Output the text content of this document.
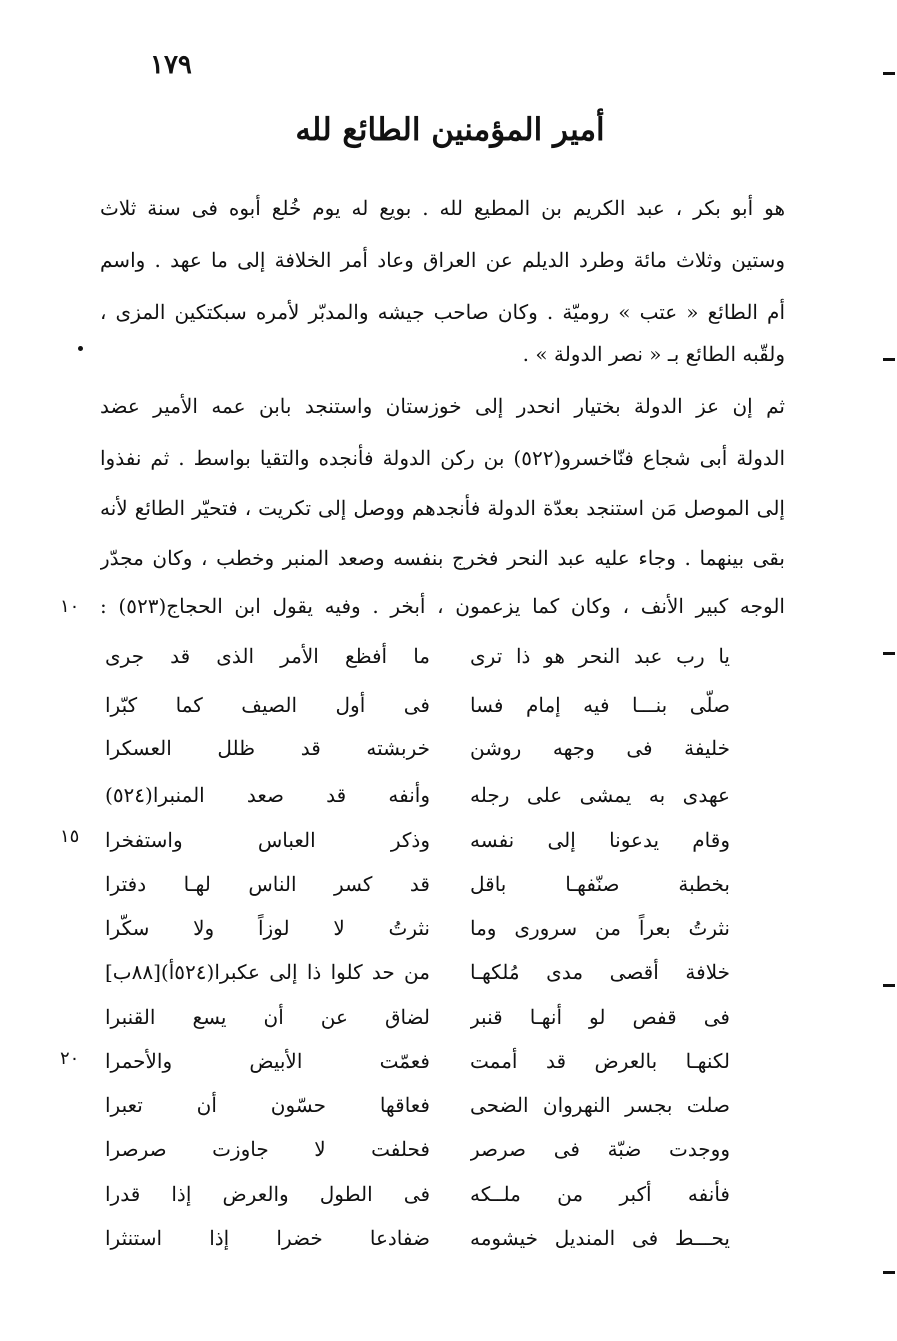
١٧٩
أمير المؤمنين الطائع لله
هو أبو بكر ، عبد الكريم بن المطيع لله . بويع له يوم خُلع أبوه فى سنة ثلاث
وستين وثلاث مائة وطرد الديلم عن العراق وعاد أمر الخلافة إلى ما عهد . واسم
أم الطائع « عتب » روميّة . وكان صاحب جيشه والمدبّر لأمره سبكتكين المزى ،
ولقّبه الطائع بـ « نصر الدولة » .
ثم إن عز الدولة بختيار انحدر إلى خوزستان واستنجد بابن عمه الأمير عضد
الدولة أبى شجاع فنّاخسرو(٥٢٢) بن ركن الدولة فأنجده والتقيا بواسط . ثم نفذوا
إلى الموصل مَن استنجد بعدّة الدولة فأنجدهم ووصل إلى تكريت ، فتحيّر الطائع لأنه
بقى بينهما . وجاء عليه عبد النحر فخرج بنفسه وصعد المنبر وخطب ، وكان مجدّر
الوجه كبير الأنف ، وكان كما يزعمون ، أبخر . وفيه يقول ابن الحجاج(٥٢٣) :
يا رب عبد النحر هو ذا ترى
ما أفظع الأمر الذى قد جرى
صلّى بنـــا فيه إمام فسا
فى أول الصيف كما كبّرا
خليفة فى وجهه روشن
خربشته قد ظلل العسكرا
عهدى به يمشى على رجله
وأنفه قد صعد المنبرا(٥٢٤)
وقام يدعونا إلى نفسه
وذكر العباس واستفخرا
بخطبة صنّفهـا باقل
قد كسر الناس لهـا دفترا
نثرتُ بعراً من سرورى وما
نثرتُ لا لوزاً ولا سكّرا
خلافة أقصى مدى مُلكهـا
من حد كلوا ذا إلى عكبرا(٥٢٤أ)[٨٨ب]
فى قفص لو أنهـا قنبر
لضاق عن أن يسع القنبرا
لكنهـا بالعرض قد أممت
فعمّت الأبيض والأحمرا
صلت بجسر النهروان الضحى
فعاقها حسّون أن تعبرا
ووجدت ضبّة فى صرصر
فحلفت لا جاوزت صرصرا
فأنفه أكبر من ملــكه
فى الطول والعرض إذا قدرا
يحـــط فى المنديل خيشومه
ضفادعا خضرا إذا استنثرا
١٠
١٥
٢٠
